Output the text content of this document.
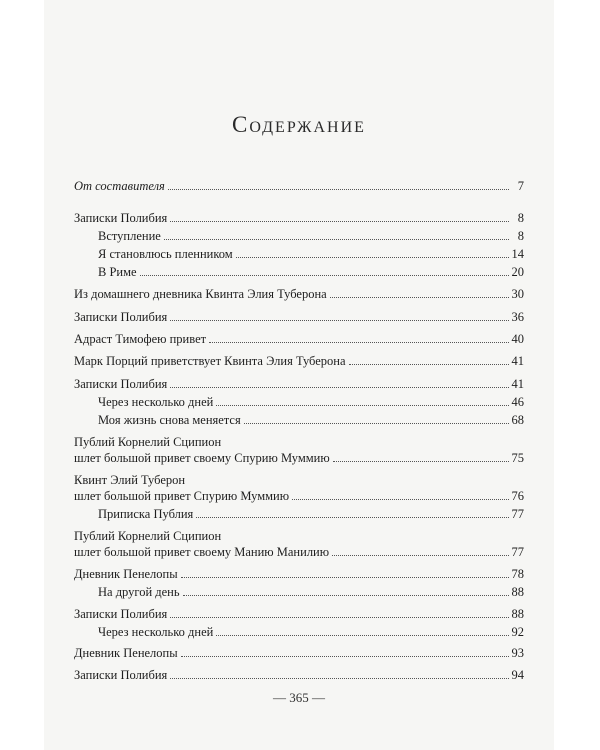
Содержание
От составителя	7
Записки Полибия	8
Вступление	8
Я становлюсь пленником	14
В Риме	20
Из домашнего дневника Квинта Элия Туберона	30
Записки Полибия	36
Адраст Тимофею привет	40
Марк Порций приветствует Квинта Элия Туберона	41
Записки Полибия	41
Через несколько дней	46
Моя жизнь снова меняется	68
Публий Корнелий Сципион
шлет большой привет своему Спурию Муммию	75
Квинт Элий Туберон
шлет большой привет Спурию Муммию	76
Приписка Публия	77
Публий Корнелий Сципион
шлет большой привет своему Манию Манилию	77
Дневник Пенелопы	78
На другой день	88
Записки Полибия	88
Через несколько дней	92
Дневник Пенелопы	93
Записки Полибия	94
— 365 —
